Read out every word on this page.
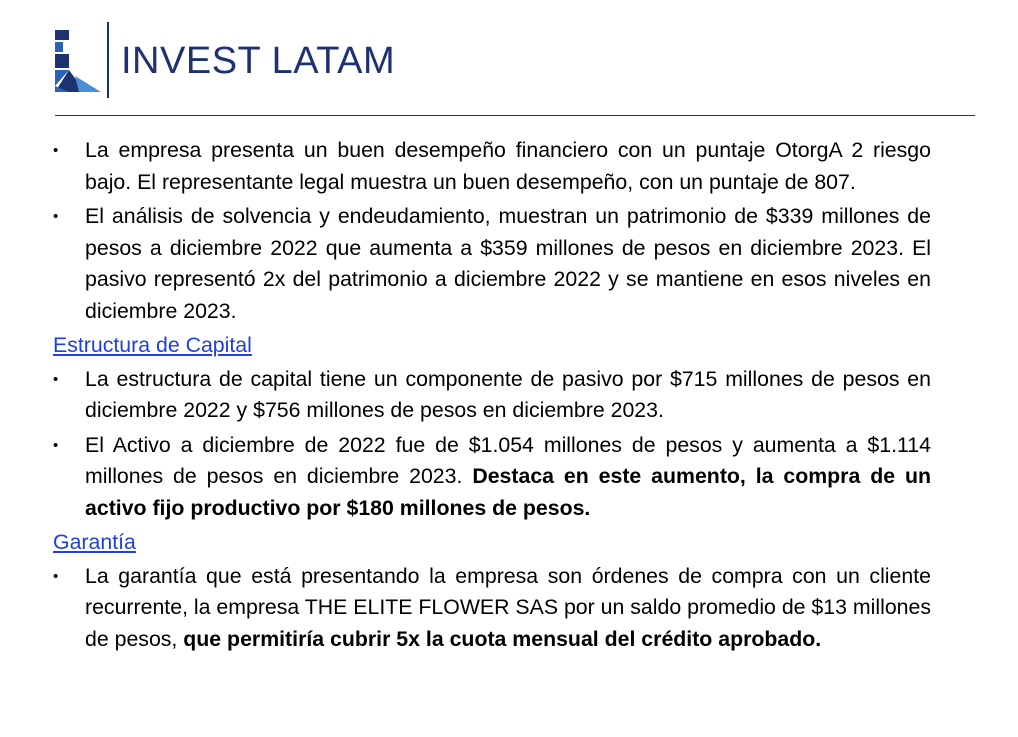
INVEST LATAM
•	La empresa presenta un buen desempeño financiero con un puntaje OtorgA 2 riesgo bajo. El representante legal muestra un buen desempeño, con un puntaje de 807.
•	El análisis de solvencia y endeudamiento, muestran un patrimonio de $339 millones de pesos a diciembre 2022 que aumenta a $359 millones de pesos en diciembre 2023. El pasivo representó 2x del patrimonio a diciembre 2022 y se mantiene en esos niveles en diciembre 2023.
Estructura de Capital
•	La estructura de capital tiene un componente de pasivo por $715 millones de pesos en diciembre 2022 y $756 millones de pesos en diciembre 2023.
•	El Activo a diciembre de 2022 fue de $1.054 millones de pesos y aumenta a $1.114 millones de pesos en diciembre 2023. Destaca en este aumento, la compra de un activo fijo productivo por $180 millones de pesos.
Garantía
•	La garantía que está presentando la empresa son órdenes de compra con un cliente recurrente, la empresa THE ELITE FLOWER SAS por un saldo promedio de $13 millones de pesos, que permitiría cubrir 5x la cuota mensual del crédito aprobado.
